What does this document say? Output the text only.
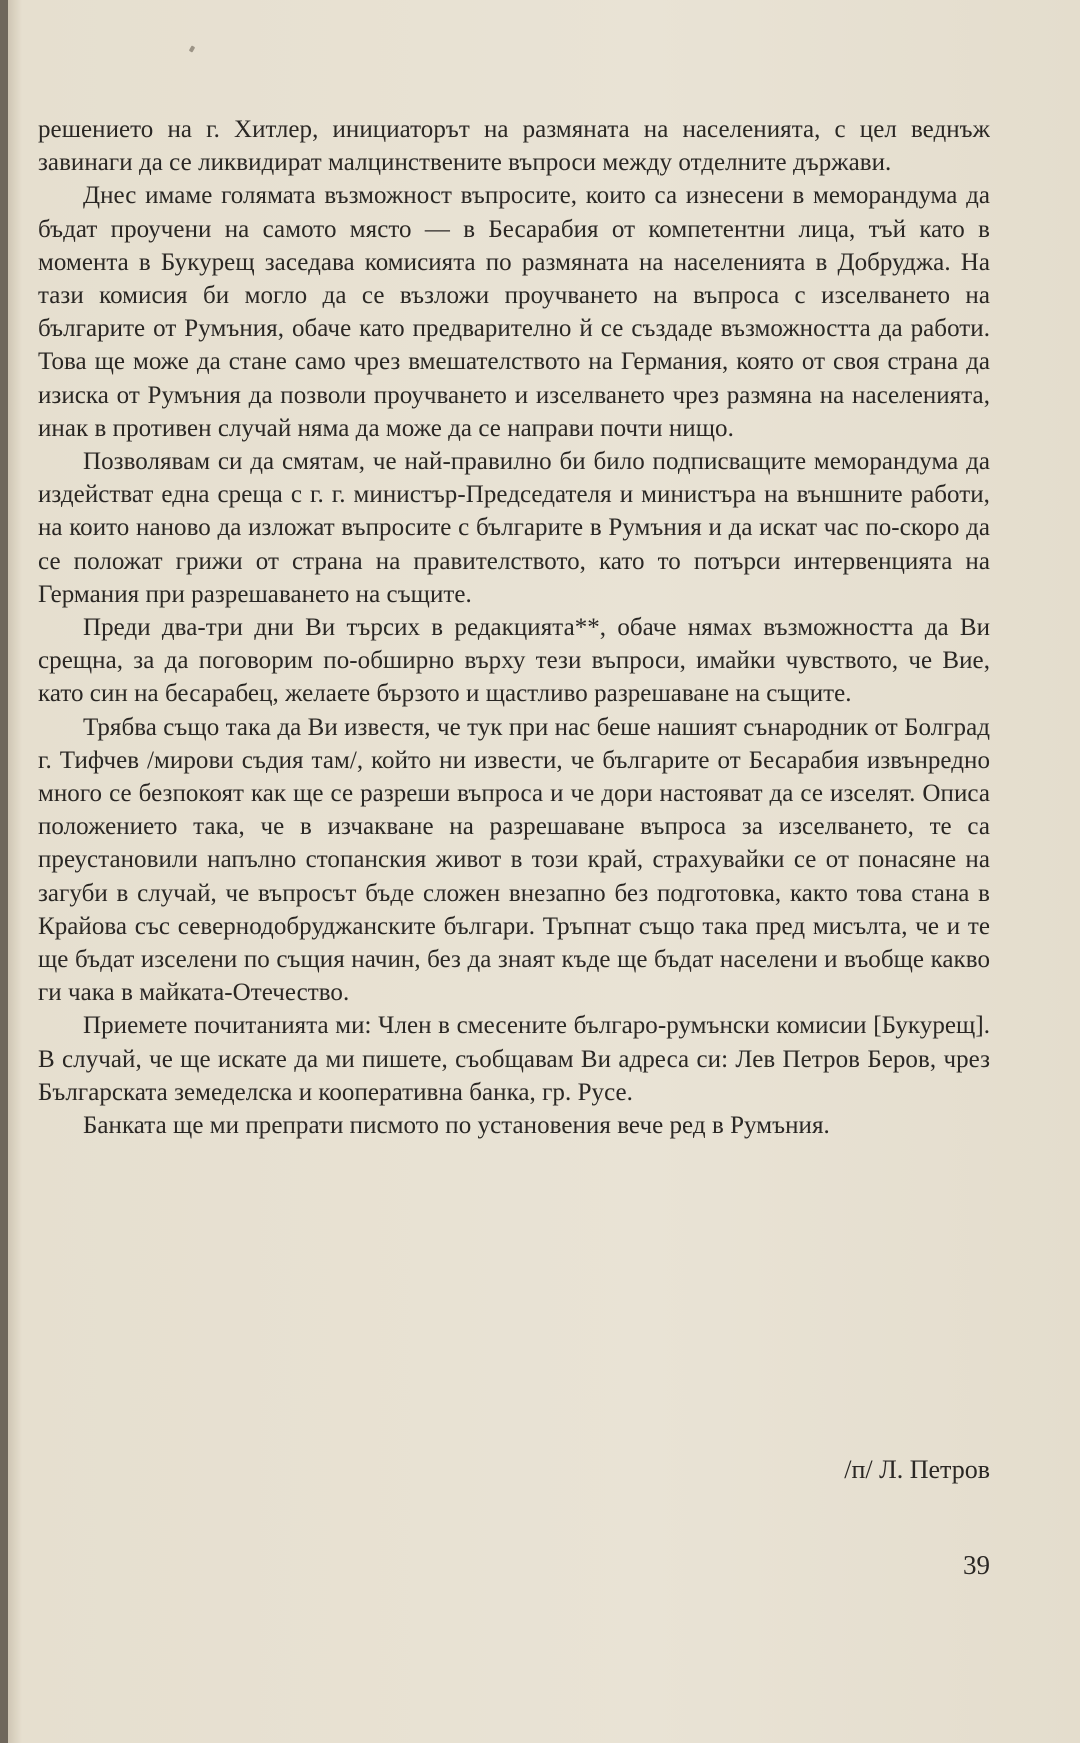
решението на г. Хитлер, инициаторът на размяната на населенията, с цел веднъж завинаги да се ликвидират малцинствените въпроси между отделните държави.

Днес имаме голямата възможност въпросите, които са изнесени в меморандума да бъдат проучени на самото място — в Бесарабия от компетентни лица, тъй като в момента в Букурещ заседава комисията по размяната на населенията в Добруджа. На тази комисия би могло да се възложи проучването на въпроса с изселването на българите от Румъния, обаче като предварително й се създаде възможността да работи. Това ще може да стане само чрез вмешателството на Германия, която от своя страна да изиска от Румъния да позволи проучването и изселването чрез размяна на населенията, инак в противен случай няма да може да се направи почти нищо.

Позволявам си да смятам, че най-правилно би било подписващите меморандума да издействат една среща с г. г. министър-Председателя и министъра на външните работи, на които наново да изложат въпросите с българите в Румъния и да искат час по-скоро да се положат грижи от страна на правителството, като то потърси интервенцията на Германия при разрешаването на същите.

Преди два-три дни Ви търсих в редакцията**, обаче нямах възможността да Ви срещна, за да поговорим по-обширно върху тези въпроси, имайки чувството, че Вие, като син на бесарабец, желаете бързото и щастливо разрешаване на същите.

Трябва също така да Ви известя, че тук при нас беше нашият сънародник от Болград г. Тифчев /мирови съдия там/, който ни извести, че българите от Бесарабия извънредно много се безпокоят как ще се разреши въпроса и че дори настояват да се изселят. Описа положението така, че в изчакване на разрешаване въпроса за изселването, те са преустановили напълно стопанския живот в този край, страхувайки се от понасяне на загуби в случай, че въпросът бъде сложен внезапно без подготовка, както това стана в Крайова със севернодобруджанските българи. Тръпнат също така пред мисълта, че и те ще бъдат изселени по същия начин, без да знаят къде ще бъдат населени и въобще какво ги чака в майката-Отечество.

Приемете почитанията ми: Член в смесените българо-румънски комисии [Букурещ]. В случай, че ще искате да ми пишете, съобщавам Ви адреса си: Лев Петров Беров, чрез Българската земеделска и кооперативна банка, гр. Русе.

Банката ще ми препрати писмото по установения вече ред в Румъния.

/п/ Л. Петров
39
